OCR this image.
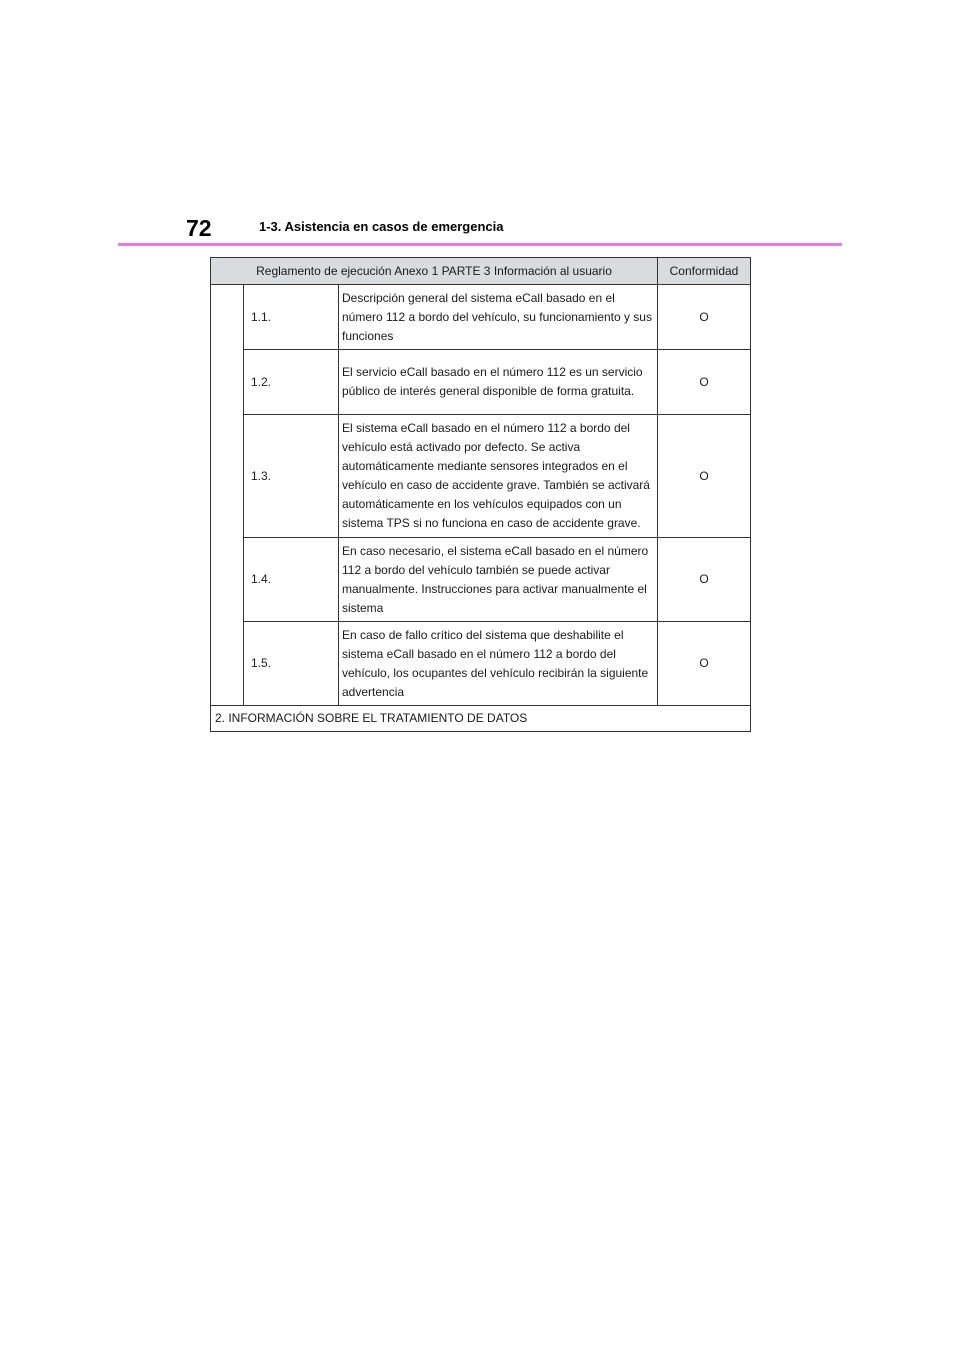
72	1-3. Asistencia en casos de emergencia
Reglamento de ejecución Anexo 1 PARTE 3 Información al usuario			Conformidad
	1.1.	Descripción general del sistema eCall basado en el número 112 a bordo del vehículo, su funcionamiento y sus funciones	O
	1.2.	El servicio eCall basado en el número 112 es un servicio público de interés general disponible de forma gratuita.	O
	1.3.	El sistema eCall basado en el número 112 a bordo del vehículo está activado por defecto. Se activa automáticamente mediante sensores integrados en el vehículo en caso de accidente grave. También se activará automáticamente en los vehículos equipados con un sistema TPS si no funciona en caso de accidente grave.	O
	1.4.	En caso necesario, el sistema eCall basado en el número 112 a bordo del vehículo también se puede activar manualmente. Instrucciones para activar manualmente el sistema	O
	1.5.	En caso de fallo crítico del sistema que deshabilite el sistema eCall basado en el número 112 a bordo del vehículo, los ocupantes del vehículo recibirán la siguiente advertencia	O
2. INFORMACIÓN SOBRE EL TRATAMIENTO DE DATOS			
